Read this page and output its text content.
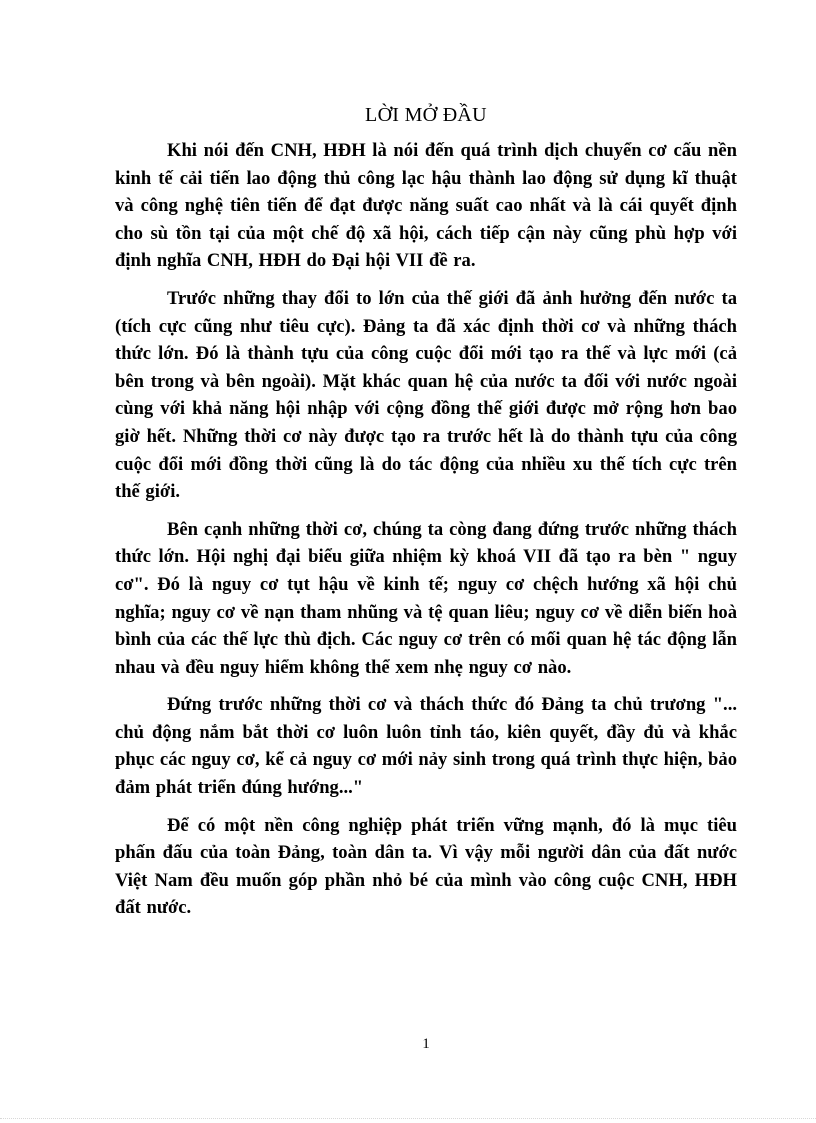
LỜI MỞ ĐẦU

Khi nói đến CNH, HĐH là nói đến quá trình dịch chuyển cơ cấu nền kinh tế cải tiến lao động thủ công lạc hậu thành lao động sử dụng kĩ thuật và công nghệ tiên tiến để đạt được năng suất cao nhất và là cái quyết định cho sù tồn tại của một chế độ xã hội, cách tiếp cận này cũng phù hợp với định nghĩa CNH, HĐH do Đại hội VII đề ra.

Trước những thay đổi to lớn của thế giới đã ảnh hưởng đến nước ta (tích cực cũng như tiêu cực). Đảng ta đã xác định thời cơ và những thách thức lớn. Đó là thành tựu của công cuộc đổi mới tạo ra thế và lực mới (cả bên trong và bên ngoài). Mặt khác quan hệ của nước ta đối với nước ngoài cùng với khả năng hội nhập với cộng đồng thế giới được mở rộng hơn bao giờ hết. Những thời cơ này được tạo ra trước hết là do thành tựu của công cuộc đổi mới đồng thời cũng là do tác động của nhiều xu thế tích cực trên thế giới.

Bên cạnh những thời cơ, chúng ta còng đang đứng trước những thách thức lớn. Hội nghị đại biểu giữa nhiệm kỳ khoá VII đã tạo ra bèn " nguy cơ". Đó là nguy cơ tụt hậu về kinh tế; nguy cơ chệch hướng xã hội chủ nghĩa; nguy cơ về nạn tham nhũng và tệ quan liêu; nguy cơ về diễn biến hoà bình của các thế lực thù địch. Các nguy cơ trên có mối quan hệ tác động lẫn nhau và đều nguy hiểm không thể xem nhẹ nguy cơ nào.

Đứng trước những thời cơ và thách thức đó Đảng ta chủ trương "... chủ động nắm bắt thời cơ luôn luôn tỉnh táo, kiên quyết, đầy đủ và khắc phục các nguy cơ, kể cả nguy cơ mới nảy sinh trong quá trình thực hiện, bảo đảm phát triển đúng hướng..."

Để có một nền công nghiệp phát triển vững mạnh, đó là mục tiêu phấn đấu của toàn Đảng, toàn dân ta. Vì vậy mỗi người dân của đất nước Việt Nam đều muốn góp phần nhỏ bé của mình vào công cuộc CNH, HĐH đất nước.

1
